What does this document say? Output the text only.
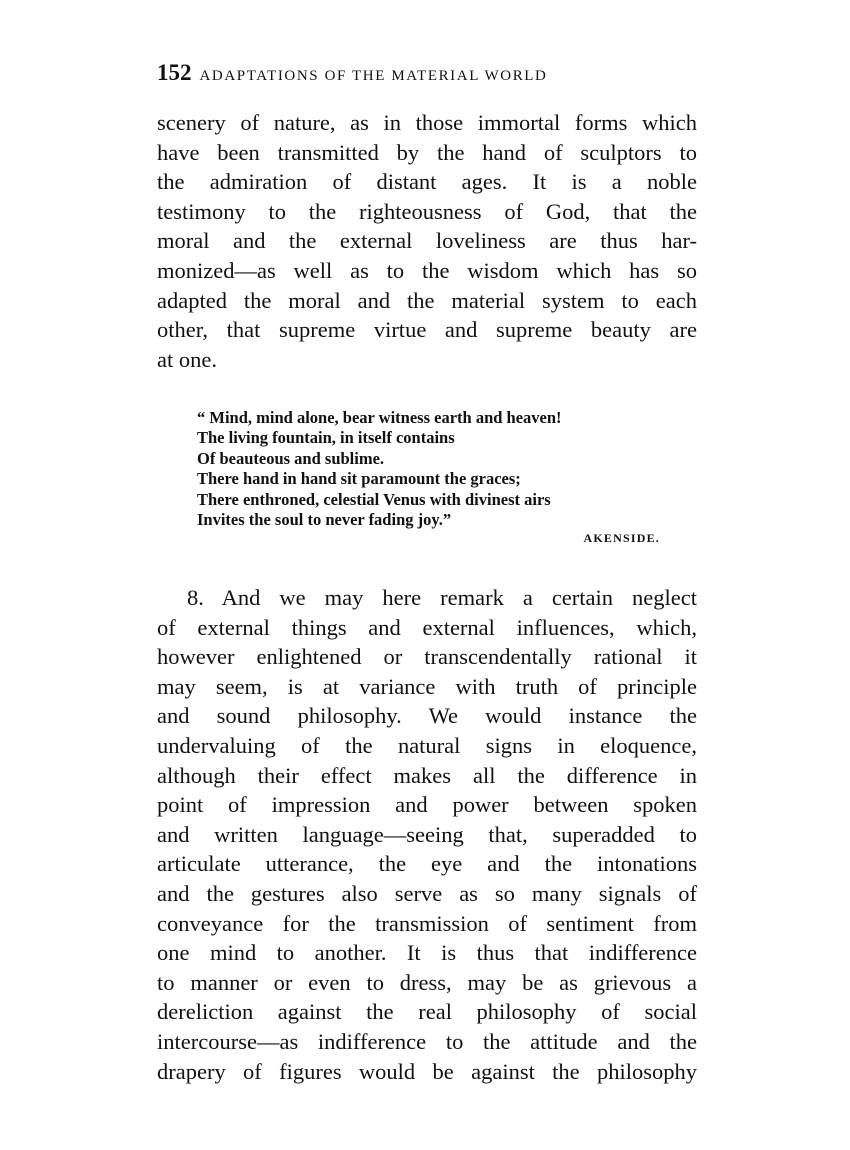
152 ADAPTATIONS OF THE MATERIAL WORLD

scenery of nature, as in those immortal forms which
have been transmitted by the hand of sculptors to
the admiration of distant ages. It is a noble
testimony to the righteousness of God, that the
moral and the external loveliness are thus har-
monized—as well as to the wisdom which has so
adapted the moral and the material system to each
other, that supreme virtue and supreme beauty are
at one.

“ Mind, mind alone, bear witness earth and heaven!
The living fountain, in itself contains
Of beauteous and sublime.
There hand in hand sit paramount the graces;
There enthroned, celestial Venus with divinest airs
Invites the soul to never fading joy.”
AKENSIDE.

8. And we may here remark a certain neglect
of external things and external influences, which,
however enlightened or transcendentally rational it
may seem, is at variance with truth of principle
and sound philosophy. We would instance the
undervaluing of the natural signs in eloquence,
although their effect makes all the difference in
point of impression and power between spoken
and written language—seeing that, superadded to
articulate utterance, the eye and the intonations
and the gestures also serve as so many signals of
conveyance for the transmission of sentiment from
one mind to another. It is thus that indifference
to manner or even to dress, may be as grievous a
dereliction against the real philosophy of social
intercourse—as indifference to the attitude and the
drapery of figures would be against the philosophy
